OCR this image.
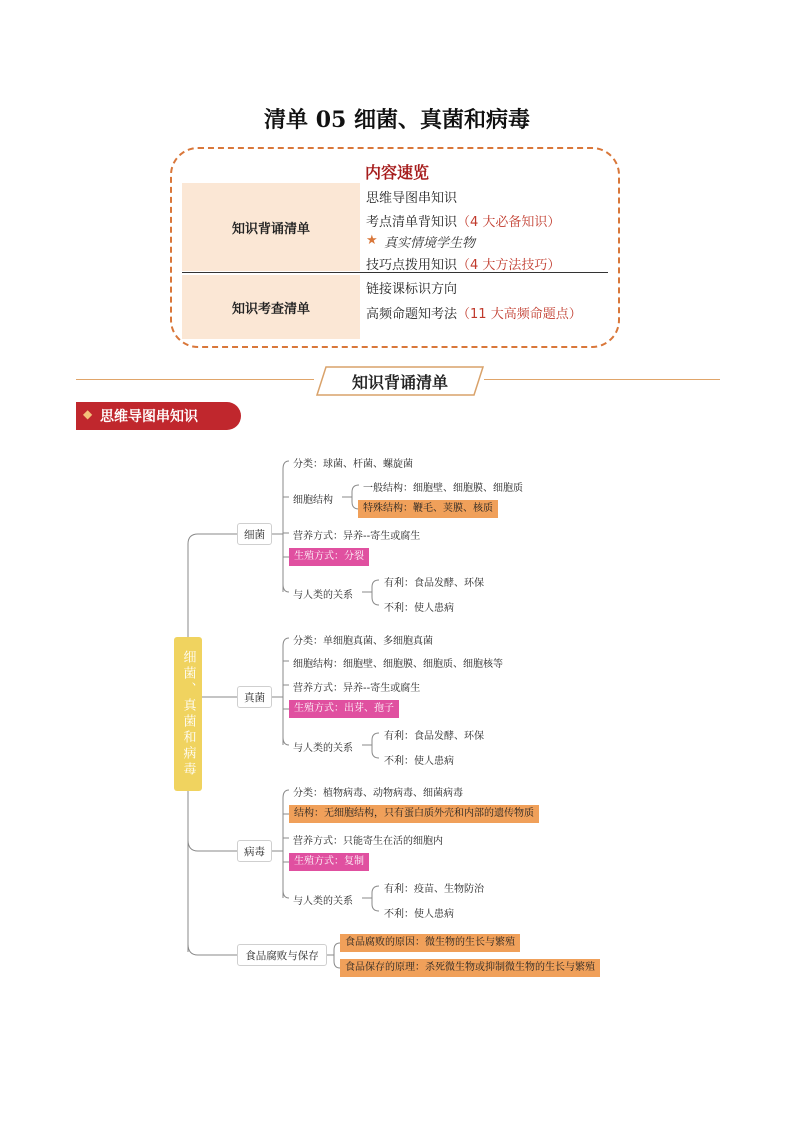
清单 05 细菌、真菌和病毒
内容速览
知识背诵清单
知识考查清单
思维导图串知识
考点清单背知识（4 大必备知识）
★ 真实情境学生物
技巧点拨用知识（4 大方法技巧）
链接课标识方向
高频命题知考法（11 大高频命题点）
知识背诵清单
◆ 思维导图串知识
细菌、真菌和病毒
细菌
分类：球菌、杆菌、螺旋菌
细胞结构
一般结构：细胞壁、细胞膜、细胞质
特殊结构：鞭毛、荚膜、核质
营养方式：异养--寄生或腐生
生殖方式：分裂
与人类的关系
有利：食品发酵、环保
不利：使人患病
真菌
分类：单细胞真菌、多细胞真菌
细胞结构：细胞壁、细胞膜、细胞质、细胞核等
营养方式：异养--寄生或腐生
生殖方式：出芽、孢子
与人类的关系
有利：食品发酵、环保
不利：使人患病
病毒
分类：植物病毒、动物病毒、细菌病毒
结构：无细胞结构，只有蛋白质外壳和内部的遗传物质
营养方式：只能寄生在活的细胞内
生殖方式：复制
与人类的关系
有利：疫苗、生物防治
不利：使人患病
食品腐败与保存
食品腐败的原因：微生物的生长与繁殖
食品保存的原理：杀死微生物或抑制微生物的生长与繁殖
